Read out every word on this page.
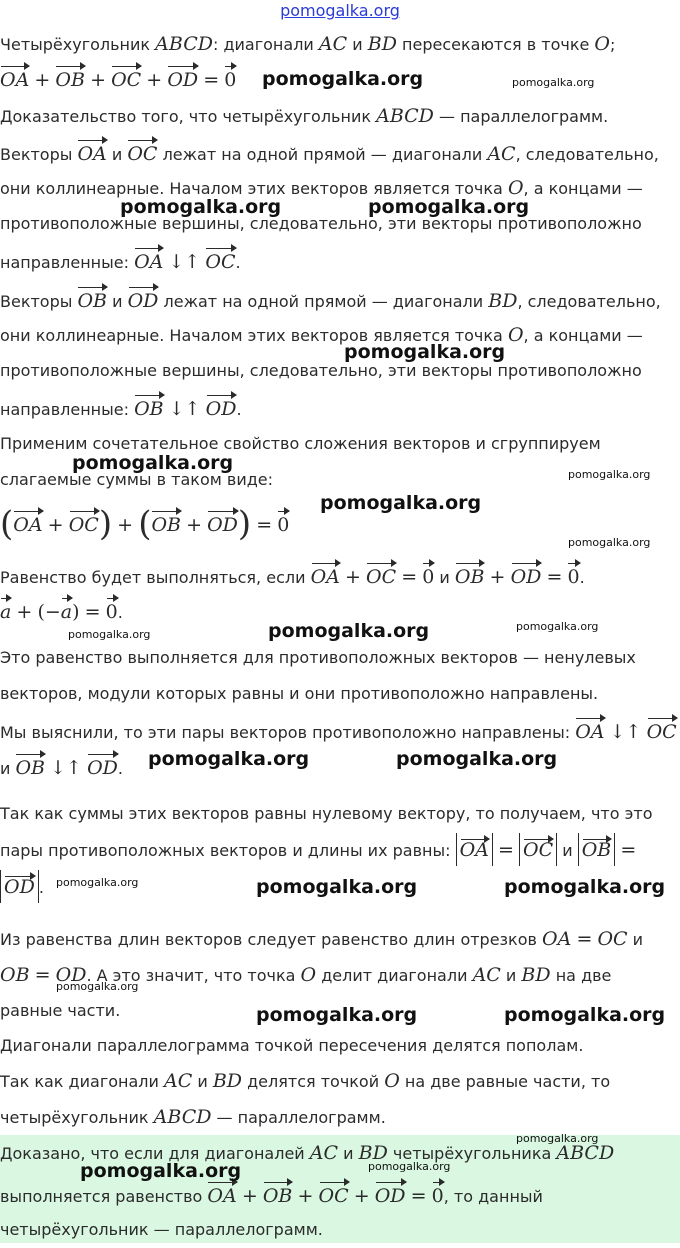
pomogalka.org

Четырёхугольник ABCD: диагонали AC и BD пересекаются в точке O;

OA + OB + OC + OD = 0

Доказательство того, что четырёхугольник ABCD — параллелограмм.

Векторы OA и OC лежат на одной прямой — диагонали AC, следовательно,

они коллинеарные. Началом этих векторов является точка O, а концами —

противоположные вершины, следовательно, эти векторы противоположно

направленные: OA ↓↑ OC.

Векторы OB и OD лежат на одной прямой — диагонали BD, следовательно,

они коллинеарные. Началом этих векторов является точка O, а концами —

противоположные вершины, следовательно, эти векторы противоположно

направленные: OB ↓↑ OD.

Применим сочетательное свойство сложения векторов и сгруппируем

слагаемые суммы в таком виде:

(OA + OC) + (OB + OD) = 0

Равенство будет выполняться, если OA + OC = 0 и OB + OD = 0.

a + (−a) = 0.

Это равенство выполняется для противоположных векторов — ненулевых

векторов, модули которых равны и они противоположно направлены.

Мы выяснили, то эти пары векторов противоположно направлены: OA ↓↑ OC

и OB ↓↑ OD.

Так как суммы этих векторов равны нулевому вектору, то получаем, что это

пары противоположных векторов и длины их равны: OA = OC и OB =

OD .

Из равенства длин векторов следует равенство длин отрезков OA = OC и

OB = OD. А это значит, что точка O делит диагонали AC и BD на две

равные части.

Диагонали параллелограмма точкой пересечения делятся пополам.

Так как диагонали AC и BD делятся точкой O на две равные части, то

четырёхугольник ABCD — параллелограмм.

Доказано, что если для диагоналей AC и BD четырёхугольника ABCD

выполняется равенство OA + OB + OC + OD = 0, то данный

четырёхугольник — параллелограмм.

pomogalka.org	pomogalka.org
pomogalka.org	pomogalka.org
pomogalka.org
pomogalka.org
pomogalka.org
pomogalka.org
pomogalka.org
pomogalka.org	pomogalka.org	pomogalka.org
pomogalka.org	pomogalka.org
pomogalka.org	pomogalka.org	pomogalka.org
pomogalka.org
pomogalka.org	pomogalka.org
pomogalka.org
pomogalka.org	pomogalka.org
